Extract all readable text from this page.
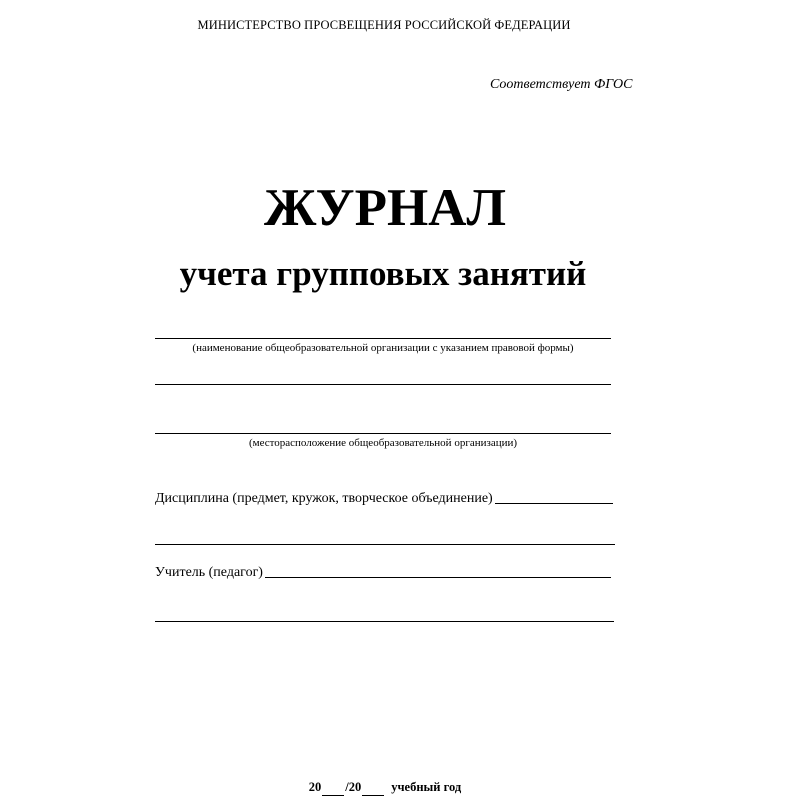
МИНИСТЕРСТВО ПРОСВЕЩЕНИЯ РОССИЙСКОЙ ФЕДЕРАЦИИ
Соответствует ФГОС
ЖУРНАЛ
учета групповых занятий
(наименование общеобразовательной организации с указанием правовой формы)
(месторасположение общеобразовательной организации)
Дисциплина (предмет, кружок, творческое объединение)
Учитель (педагог)
20 /20 учебный год
